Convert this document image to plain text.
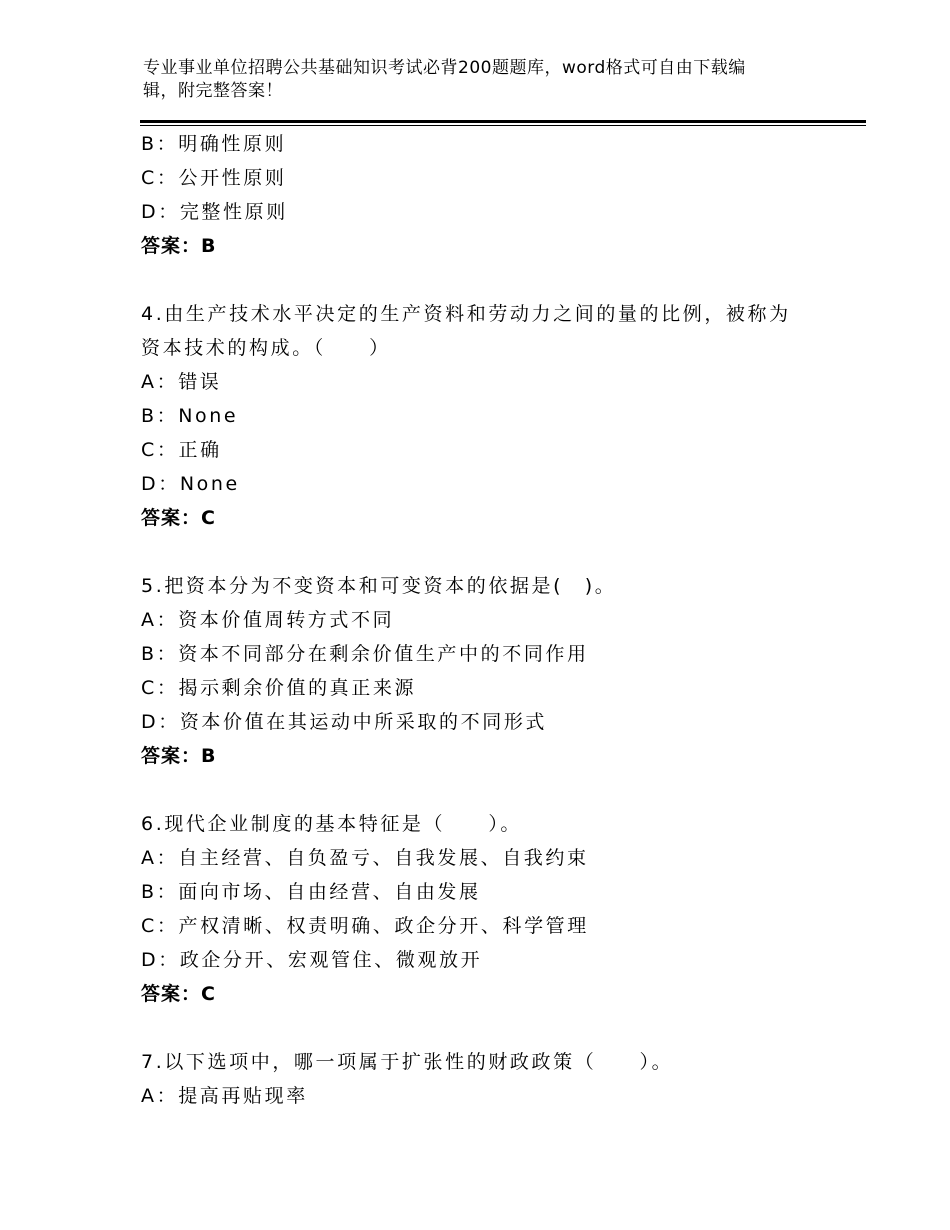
专业事业单位招聘公共基础知识考试必背200题题库，word格式可自由下载编
辑，附完整答案！
B：明确性原则
C：公开性原则
D：完整性原则
答案：B
4.由生产技术水平决定的生产资料和劳动力之间的量的比例，被称为
资本技术的构成。（　　）
A：错误
B：None
C：正确
D：None
答案：C
5.把资本分为不变资本和可变资本的依据是(　)。
A：资本价值周转方式不同
B：资本不同部分在剩余价值生产中的不同作用
C：揭示剩余价值的真正来源
D：资本价值在其运动中所采取的不同形式
答案：B
6.现代企业制度的基本特征是（　　）。
A：自主经营、自负盈亏、自我发展、自我约束
B：面向市场、自由经营、自由发展
C：产权清晰、权责明确、政企分开、科学管理
D：政企分开、宏观管住、微观放开
答案：C
7.以下选项中，哪一项属于扩张性的财政政策（　　）。
A：提高再贴现率
